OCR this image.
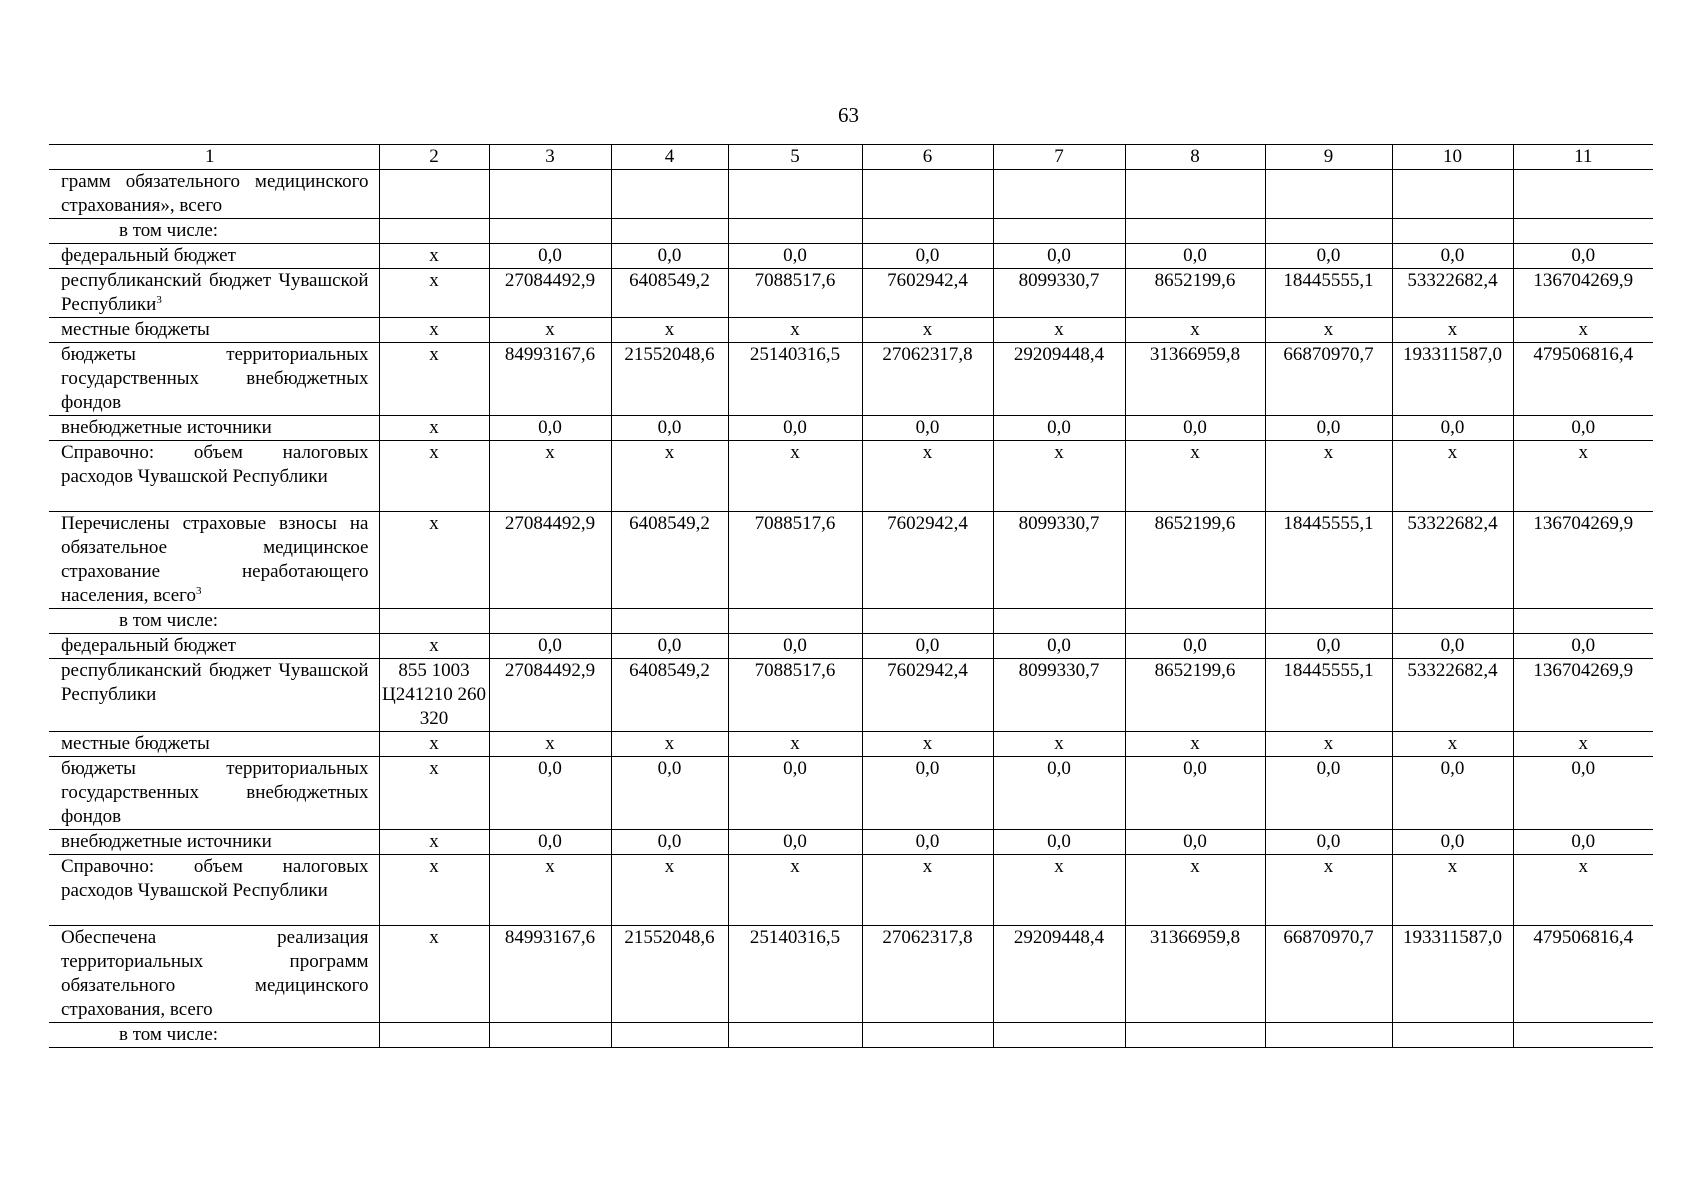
63
1	2	3	4	5	6	7	8	9	10	11
грамм обязательного медицинского страхования», всего										
в том числе:										
федеральный бюджет	x	0,0	0,0	0,0	0,0	0,0	0,0	0,0	0,0	0,0
республиканский бюджет Чувашской Республики$^3$	x	27084492,9	6408549,2	7088517,6	7602942,4	8099330,7	8652199,6	18445555,1	53322682,4	136704269,9
местные бюджеты	x	x	x	x	x	x	x	x	x	x
бюджеты территориальных государственных внебюджетных фондов	x	84993167,6	21552048,6	25140316,5	27062317,8	29209448,4	31366959,8	66870970,7	193311587,0	479506816,4
внебюджетные источники	x	0,0	0,0	0,0	0,0	0,0	0,0	0,0	0,0	0,0
Справочно: объем налоговых расходов Чувашской Республики	x	x	x	x	x	x	x	x	x	x
Перечислены страховые взносы на обязательное медицинское страхование неработающего населения, всего$^3$	x	27084492,9	6408549,2	7088517,6	7602942,4	8099330,7	8652199,6	18445555,1	53322682,4	136704269,9
в том числе:										
федеральный бюджет	x	0,0	0,0	0,0	0,0	0,0	0,0	0,0	0,0	0,0
республиканский бюджет Чувашской Республики	855 1003 Ц241210 260 320	27084492,9	6408549,2	7088517,6	7602942,4	8099330,7	8652199,6	18445555,1	53322682,4	136704269,9
местные бюджеты	x	x	x	x	x	x	x	x	x	x
бюджеты территориальных государственных внебюджетных фондов	x	0,0	0,0	0,0	0,0	0,0	0,0	0,0	0,0	0,0
внебюджетные источники	x	0,0	0,0	0,0	0,0	0,0	0,0	0,0	0,0	0,0
Справочно: объем налоговых расходов Чувашской Республики	x	x	x	x	x	x	x	x	x	x
Обеспечена реализация территориальных программ обязательного медицинского страхования, всего	x	84993167,6	21552048,6	25140316,5	27062317,8	29209448,4	31366959,8	66870970,7	193311587,0	479506816,4
в том числе:										
